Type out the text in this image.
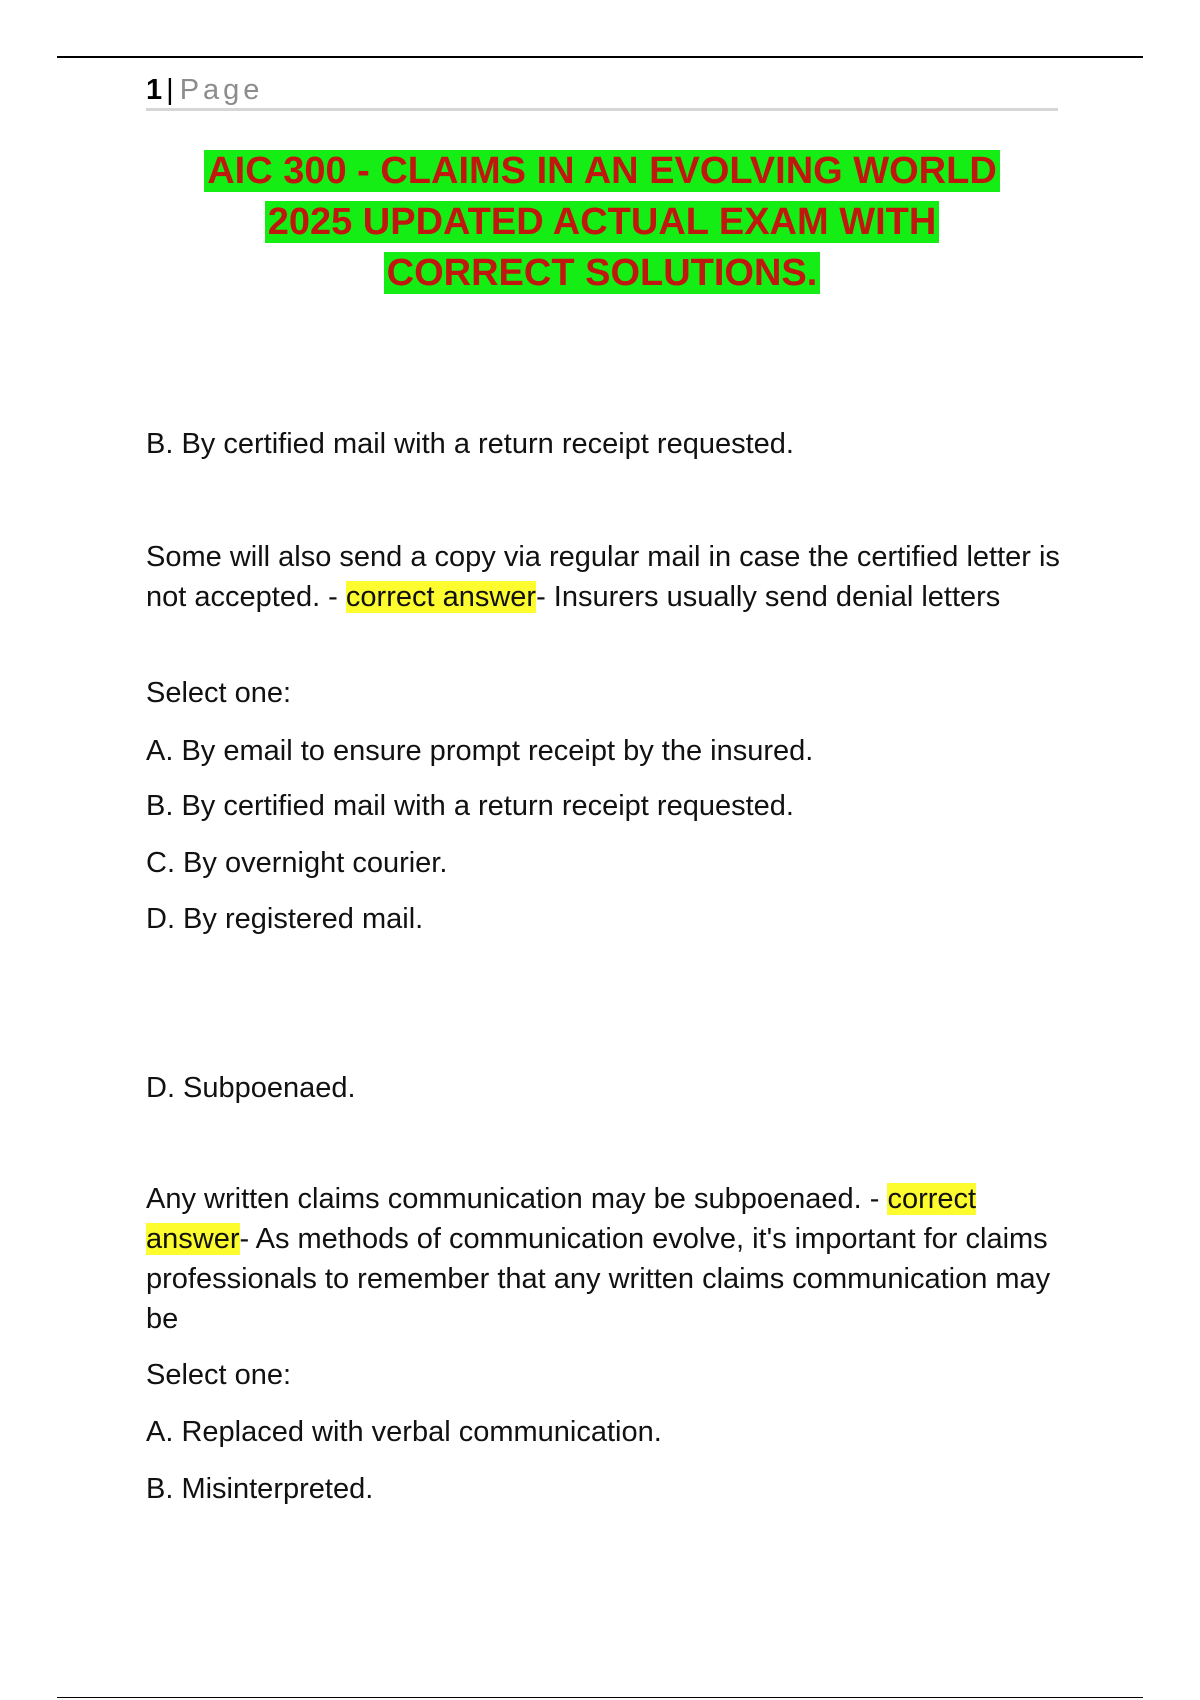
1 | Page
AIC 300 - CLAIMS IN AN EVOLVING WORLD
2025 UPDATED ACTUAL EXAM WITH
CORRECT SOLUTIONS.
B. By certified mail with a return receipt requested.
Some will also send a copy via regular mail in case the certified letter is not accepted. - correct answer- Insurers usually send denial letters
Select one:
A. By email to ensure prompt receipt by the insured.
B. By certified mail with a return receipt requested.
C. By overnight courier.
D. By registered mail.
D. Subpoenaed.
Any written claims communication may be subpoenaed. - correct answer- As methods of communication evolve, it's important for claims professionals to remember that any written claims communication may be
Select one:
A. Replaced with verbal communication.
B. Misinterpreted.
